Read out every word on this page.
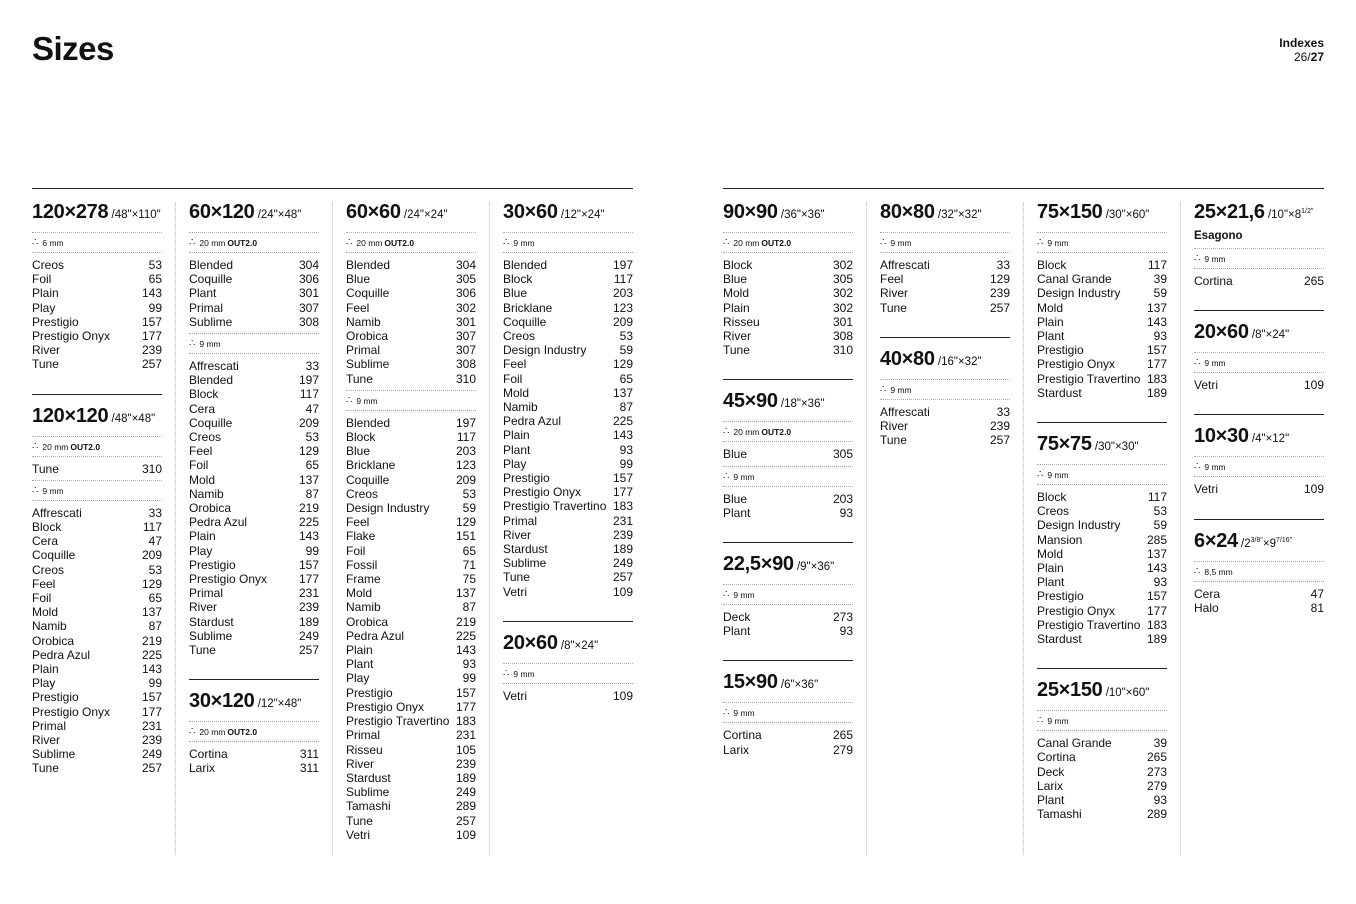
Sizes	Indexes
26/27
120×278 /48"×110"
∴ 6 mm
Creos	53
Foil	65
Plain	143
Play	99
Prestigio	157
Prestigio Onyx	177
River	239
Tune	257
120×120 /48"×48"
∴ 20 mm OUT2.0
Tune	310
∴ 9 mm
Affrescati	33
Block	117
Cera	47
Coquille	209
Creos	53
Feel	129
Foil	65
Mold	137
Namib	87
Orobica	219
Pedra Azul	225
Plain	143
Play	99
Prestigio	157
Prestigio Onyx	177
Primal	231
River	239
Sublime	249
Tune	257
60×120 /24"×48"
∴ 20 mm OUT2.0
Blended	304
Coquille	306
Plant	301
Primal	307
Sublime	308
∴ 9 mm
Affrescati	33
Blended	197
Block	117
Cera	47
Coquille	209
Creos	53
Feel	129
Foil	65
Mold	137
Namib	87
Orobica	219
Pedra Azul	225
Plain	143
Play	99
Prestigio	157
Prestigio Onyx	177
Primal	231
River	239
Stardust	189
Sublime	249
Tune	257
30×120 /12"×48"
∴ 20 mm OUT2.0
Cortina	311
Larix	311
60×60 /24"×24"
∴ 20 mm OUT2.0
Blended	304
Blue	305
Coquille	306
Feel	302
Namib	301
Orobica	307
Primal	307
Sublime	308
Tune	310
∴ 9 mm
Blended	197
Block	117
Blue	203
Bricklane	123
Coquille	209
Creos	53
Design Industry	59
Feel	129
Flake	151
Foil	65
Fossil	71
Frame	75
Mold	137
Namib	87
Orobica	219
Pedra Azul	225
Plain	143
Plant	93
Play	99
Prestigio	157
Prestigio Onyx	177
Prestigio Travertino 183
Primal	231
Risseu	105
River	239
Stardust	189
Sublime	249
Tamashi	289
Tune	257
Vetri	109
30×60 /12"×24"
∴ 9 mm
Blended	197
Block	117
Blue	203
Bricklane	123
Coquille	209
Creos	53
Design Industry	59
Feel	129
Foil	65
Mold	137
Namib	87
Pedra Azul	225
Plain	143
Plant	93
Play	99
Prestigio	157
Prestigio Onyx	177
Prestigio Travertino 183
Primal	231
River	239
Stardust	189
Sublime	249
Tune	257
Vetri	109
20×60 /8"×24"
∴ 9 mm
Vetri	109
90×90 /36"×36"
∴ 20 mm OUT2.0
Block	302
Blue	305
Mold	302
Plain	302
Risseu	301
River	308
Tune	310
45×90 /18"×36"
∴ 20 mm OUT2.0
Blue	305
∴ 9 mm
Blue	203
Plant	93
22,5×90 /9"×36"
∴ 9 mm
Deck	273
Plant	93
15×90 /6"×36"
∴ 9 mm
Cortina	265
Larix	279
80×80 /32"×32"
∴ 9 mm
Affrescati	33
Feel	129
River	239
Tune	257
40×80 /16"×32"
∴ 9 mm
Affrescati	33
River	239
Tune	257
75×150 /30"×60"
∴ 9 mm
Block	117
Canal Grande	39
Design Industry	59
Mold	137
Plain	143
Plant	93
Prestigio	157
Prestigio Onyx	177
Prestigio Travertino 183
Stardust	189
75×75 /30"×30"
∴ 9 mm
Block	117
Creos	53
Design Industry	59
Mansion	285
Mold	137
Plain	143
Plant	93
Prestigio	157
Prestigio Onyx	177
Prestigio Travertino 183
Stardust	189
25×150 /10"×60"
∴ 9 mm
Canal Grande	39
Cortina	265
Deck	273
Larix	279
Plant	93
Tamashi	289
25×21,6 $/10"\times 8^{1/2"}$
Esagono
∴ 9 mm
Cortina	265
20×60 /8"×24"
∴ 9 mm
Vetri	109
10×30 /4"×12"
∴ 9 mm
Vetri	109
6×24 $/2^{3/8"}\times 9^{7/16"}$
∴ 8,5 mm
Cera	47
Halo	81
